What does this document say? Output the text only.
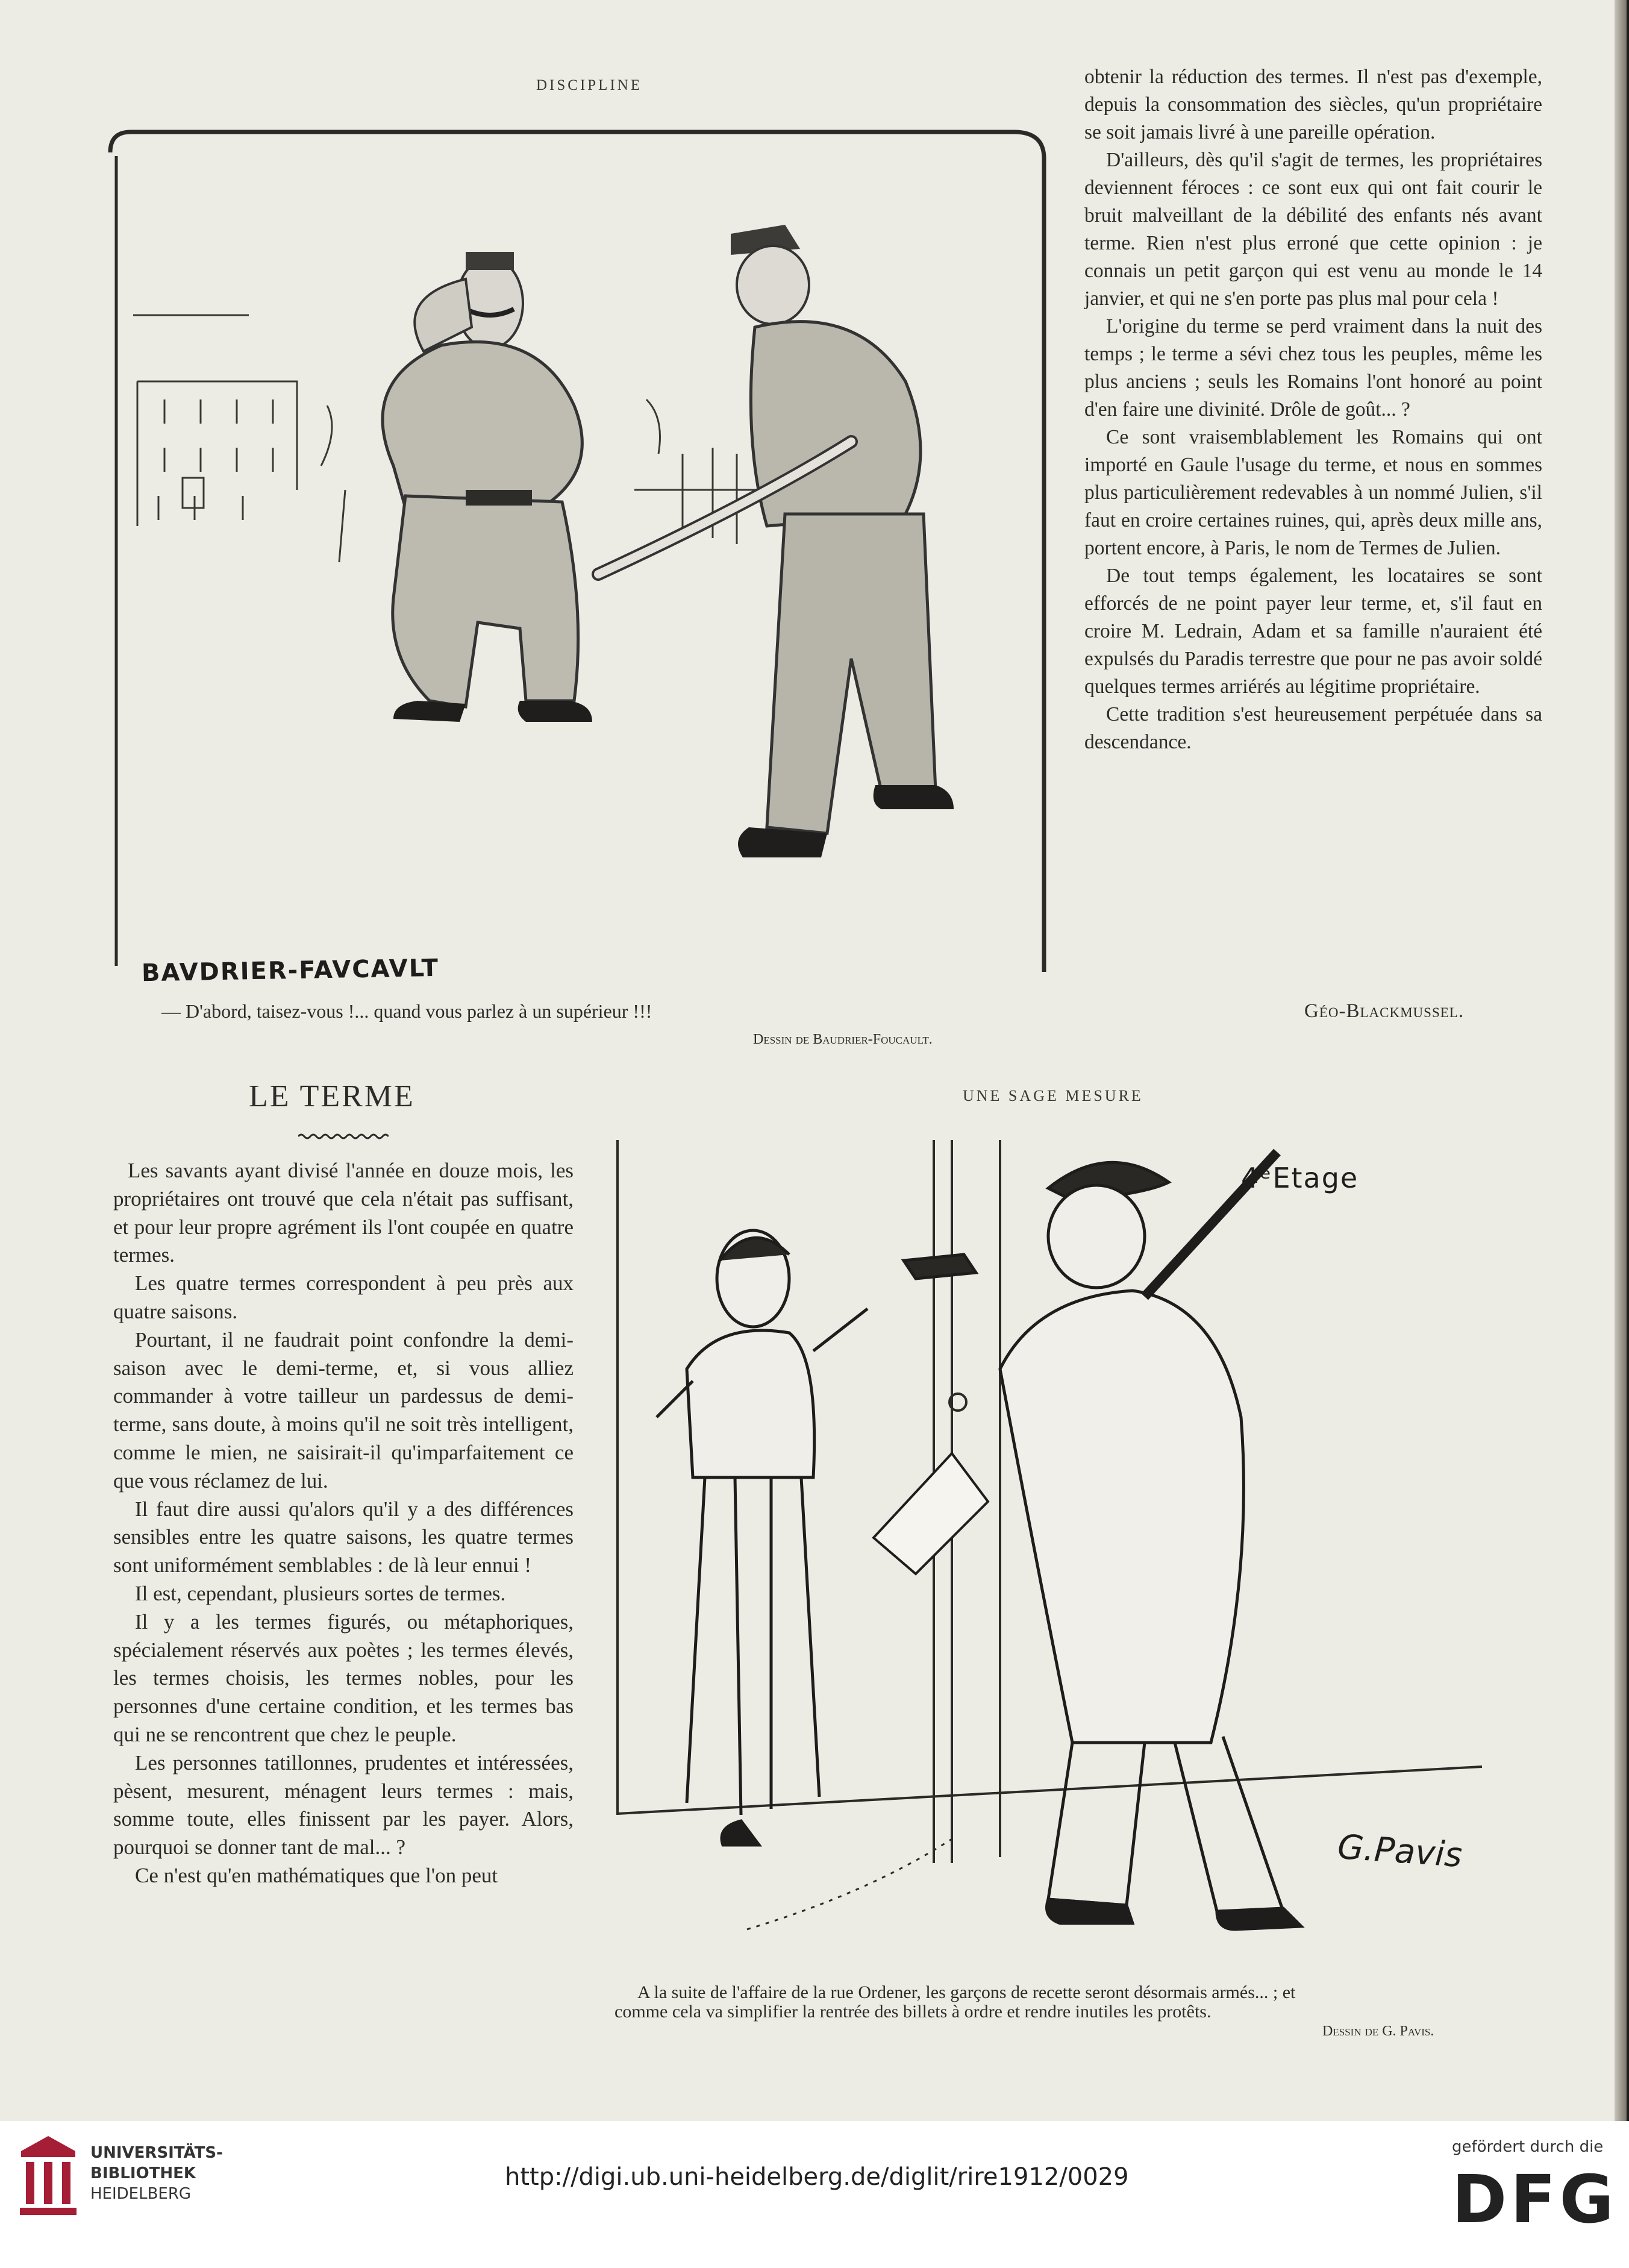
DISCIPLINE
BAVDRIER-FAVCAVLT
— D'abord, taisez-vous !... quand vous parlez à un supérieur !!!
Dessin de Baudrier-Foucault.

obtenir la réduction des termes. Il n'est pas d'exemple, depuis la consommation des siècles, qu'un propriétaire se soit jamais livré à une pareille opération.

D'ailleurs, dès qu'il s'agit de termes, les propriétaires deviennent féroces : ce sont eux qui ont fait courir le bruit malveillant de la débilité des enfants nés avant terme. Rien n'est plus erroné que cette opinion : je connais un petit garçon qui est venu au monde le 14 janvier, et qui ne s'en porte pas plus mal pour cela !

L'origine du terme se perd vraiment dans la nuit des temps ; le terme a sévi chez tous les peuples, même les plus anciens ; seuls les Romains l'ont honoré au point d'en faire une divinité. Drôle de goût... ?

Ce sont vraisemblablement les Romains qui ont importé en Gaule l'usage du terme, et nous en sommes plus particulièrement redevables à un nommé Julien, s'il faut en croire certaines ruines, qui, après deux mille ans, portent encore, à Paris, le nom de Termes de Julien.

De tout temps également, les locataires se sont efforcés de ne point payer leur terme, et, s'il faut en croire M. Ledrain, Adam et sa famille n'auraient été expulsés du Paradis terrestre que pour ne pas avoir soldé quelques termes arriérés au légitime propriétaire.

Cette tradition s'est heureusement perpétuée dans sa descendance.

Géo-Blackmussel.
LE TERME

Les savants ayant divisé l'année en douze mois, les propriétaires ont trouvé que cela n'était pas suffisant, et pour leur propre agrément ils l'ont coupée en quatre termes.

Les quatre termes correspondent à peu près aux quatre saisons.

Pourtant, il ne faudrait point confondre la demi-saison avec le demi-terme, et, si vous alliez commander à votre tailleur un pardessus de demi-terme, sans doute, à moins qu'il ne soit très intelligent, comme le mien, ne saisirait-il qu'imparfaitement ce que vous réclamez de lui.

Il faut dire aussi qu'alors qu'il y a des différences sensibles entre les quatre saisons, les quatre termes sont uniformément semblables : de là leur ennui !

Il est, cependant, plusieurs sortes de termes.

Il y a les termes figurés, ou métaphoriques, spécialement réservés aux poètes ; les termes élevés, les termes choisis, les termes nobles, pour les personnes d'une certaine condition, et les termes bas qui ne se rencontrent que chez le peuple.

Les personnes tatillonnes, prudentes et intéressées, pèsent, mesurent, ménagent leurs termes : mais, somme toute, elles finissent par les payer. Alors, pourquoi se donner tant de mal... ?

Ce n'est qu'en mathématiques que l'on peut

UNE SAGE MESURE
4ᵉEtage
G.Pavis
A la suite de l'affaire de la rue Ordener, les garçons de recette seront désormais armés... ; et
comme cela va simplifier la rentrée des billets à ordre et rendre inutiles les protêts.
Dessin de G. Pavis.
UNIVERSITÄTS-
BIBLIOTHEK
HEIDELBERG
http://digi.ub.uni-heidelberg.de/diglit/rire1912/0029
gefördert durch die
DFG
